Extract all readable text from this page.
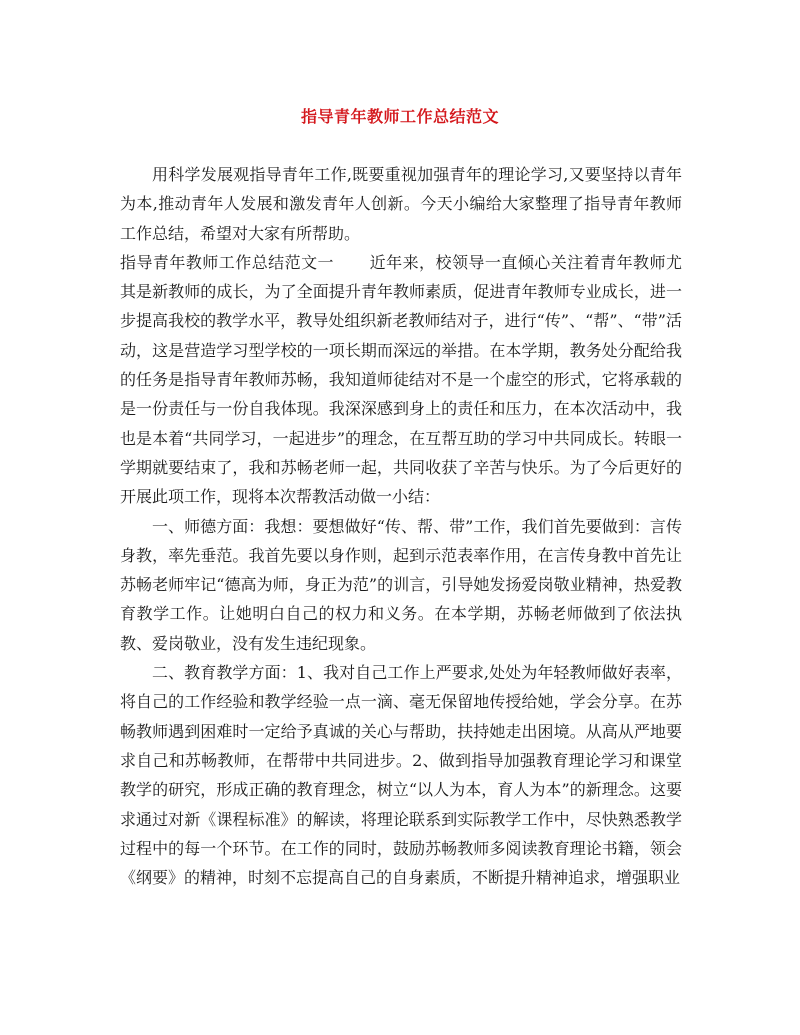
指导青年教师工作总结范文

用科学发展观指导青年工作,既要重视加强青年的理论学习,又要坚持以青年为本,推动青年人发展和激发青年人创新。今天小编给大家整理了指导青年教师工作总结，希望对大家有所帮助。

指导青年教师工作总结范文一 近年来，校领导一直倾心关注着青年教师尤其是新教师的成长，为了全面提升青年教师素质，促进青年教师专业成长，进一步提高我校的教学水平，教导处组织新老教师结对子，进行“传”、“帮”、“带”活动，这是营造学习型学校的一项长期而深远的举措。在本学期，教务处分配给我的任务是指导青年教师苏畅，我知道师徒结对不是一个虚空的形式，它将承载的是一份责任与一份自我体现。我深深感到身上的责任和压力，在本次活动中，我也是本着“共同学习，一起进步”的理念，在互帮互助的学习中共同成长。转眼一学期就要结束了，我和苏畅老师一起，共同收获了辛苦与快乐。为了今后更好的开展此项工作，现将本次帮教活动做一小结：

一、师德方面：我想：要想做好“传、帮、带”工作，我们首先要做到：言传身教，率先垂范。我首先要以身作则，起到示范表率作用，在言传身教中首先让苏畅老师牢记“德高为师，身正为范”的训言，引导她发扬爱岗敬业精神，热爱教育教学工作。让她明白自己的权力和义务。在本学期，苏畅老师做到了依法执教、爱岗敬业，没有发生违纪现象。

二、教育教学方面：1、我对自己工作上严要求,处处为年轻教师做好表率，将自己的工作经验和教学经验一点一滴、毫无保留地传授给她，学会分享。在苏畅教师遇到困难时一定给予真诚的关心与帮助，扶持她走出困境。从高从严地要求自己和苏畅教师，在帮带中共同进步。2、做到指导加强教育理论学习和课堂教学的研究，形成正确的教育理念，树立“以人为本，育人为本”的新理念。这要求通过对新《课程标准》的解读，将理论联系到实际教学工作中，尽快熟悉教学过程中的每一个环节。在工作的同时，鼓励苏畅教师多阅读教育理论书籍，领会《纲要》的精神，时刻不忘提高自己的自身素质，不断提升精神追求，增强职业
